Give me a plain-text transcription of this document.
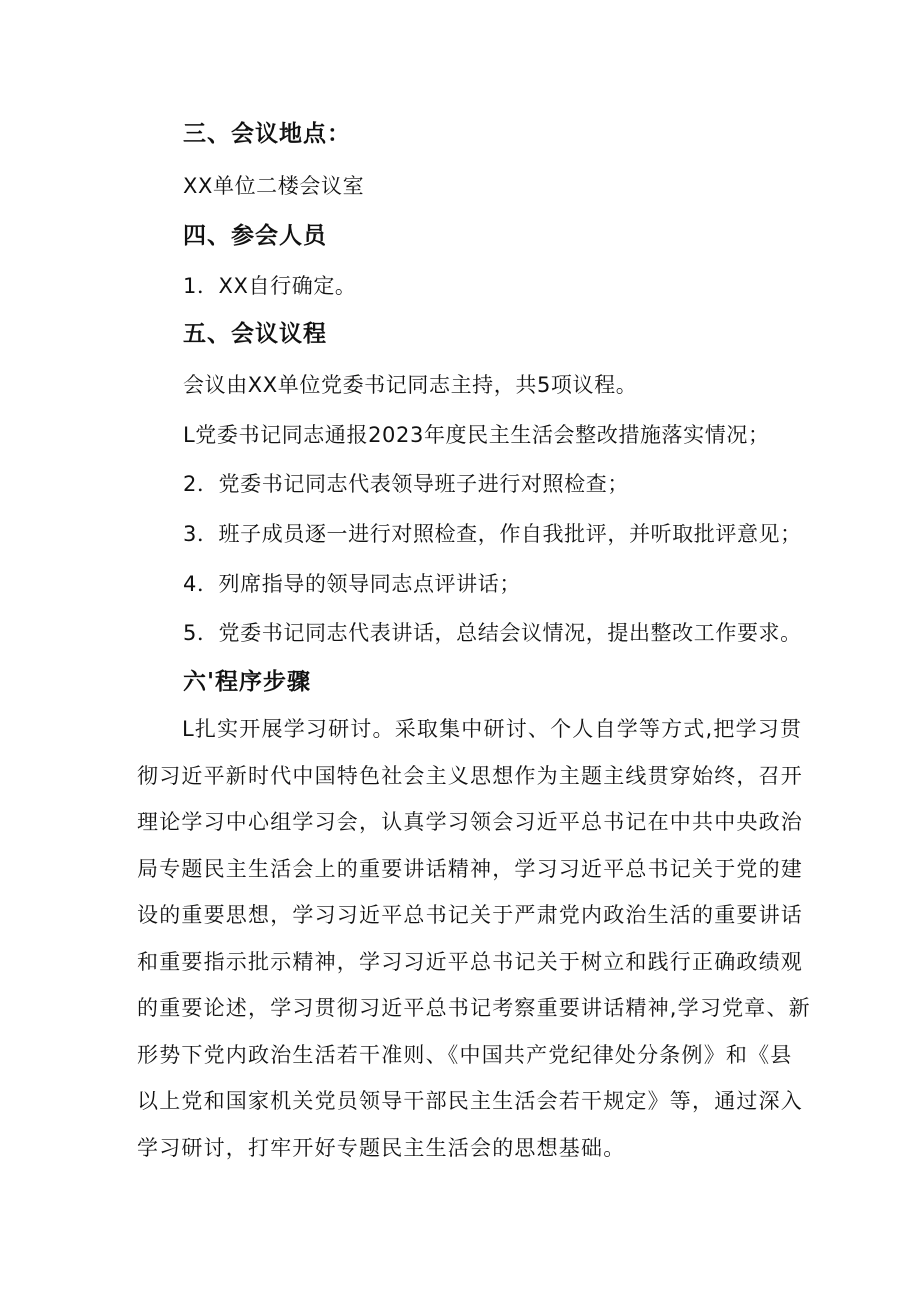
三、会议地点：
XX单位二楼会议室
四、参会人员
1．XX自行确定。
五、会议议程
会议由XX单位党委书记同志主持，共5项议程。
L党委书记同志通报2023年度民主生活会整改措施落实情况；
2．党委书记同志代表领导班子进行对照检查；
3．班子成员逐一进行对照检查，作自我批评，并听取批评意见；
4．列席指导的领导同志点评讲话；
5．党委书记同志代表讲话，总结会议情况，提出整改工作要求。
六'程序步骤
L扎实开展学习研讨。采取集中研讨、个人自学等方式,把学习贯
彻习近平新时代中国特色社会主义思想作为主题主线贯穿始终，召开
理论学习中心组学习会，认真学习领会习近平总书记在中共中央政治
局专题民主生活会上的重要讲话精神，学习习近平总书记关于党的建
设的重要思想，学习习近平总书记关于严肃党内政治生活的重要讲话
和重要指示批示精神，学习习近平总书记关于树立和践行正确政绩观
的重要论述，学习贯彻习近平总书记考察重要讲话精神,学习党章、新
形势下党内政治生活若干准则、《中国共产党纪律处分条例》和《县
以上党和国家机关党员领导干部民主生活会若干规定》等，通过深入
学习研讨，打牢开好专题民主生活会的思想基础。
